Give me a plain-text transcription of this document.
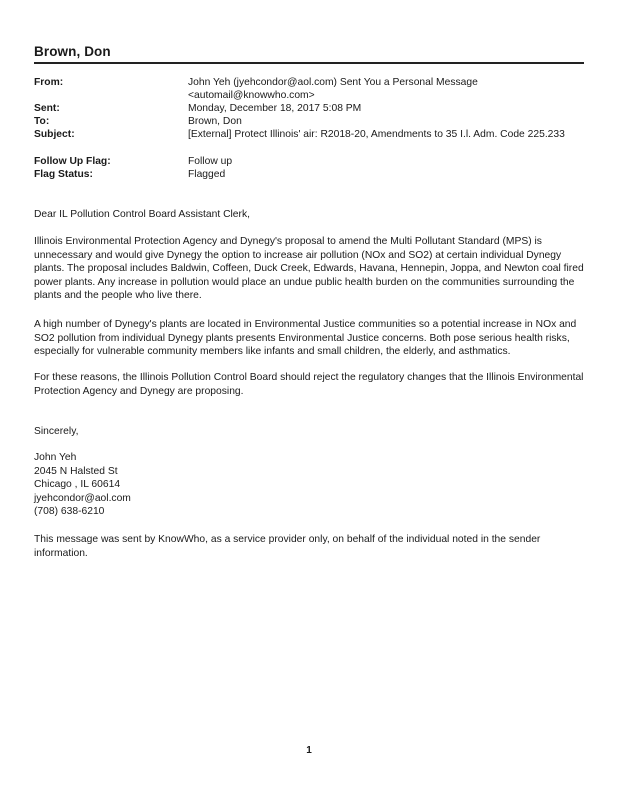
Brown, Don
From:	John Yeh (jyehcondor@aol.com) Sent You a Personal Message
<automail@knowwho.com>
Sent:	Monday, December 18, 2017 5:08 PM
To:	Brown, Don
Subject:	[External] Protect Illinois' air: R2018-20, Amendments to 35 I.l. Adm. Code 225.233
Follow Up Flag:	Follow up
Flag Status:	Flagged

Dear IL Pollution Control Board Assistant Clerk,

Illinois Environmental Protection Agency and Dynegy's proposal to amend the Multi Pollutant Standard (MPS) is unnecessary and would give Dynegy the option to increase air pollution (NOx and SO2) at certain individual Dynegy plants. The proposal includes Baldwin, Coffeen, Duck Creek, Edwards, Havana, Hennepin, Joppa, and Newton coal fired power plants. Any increase in pollution would place an undue public health burden on the communities surrounding the plants and the people who live there.

A high number of Dynegy's plants are located in Environmental Justice communities so a potential increase in NOx and SO2 pollution from individual Dynegy plants presents Environmental Justice concerns. Both pose serious health risks, especially for vulnerable community members like infants and small children, the elderly, and asthmatics.

For these reasons, the Illinois Pollution Control Board should reject the regulatory changes that the Illinois Environmental Protection Agency and Dynegy are proposing.

Sincerely,

John Yeh
2045 N Halsted St
Chicago , IL 60614
jyehcondor@aol.com
(708) 638-6210

This message was sent by KnowWho, as a service provider only, on behalf of the individual noted in the sender information.

1
